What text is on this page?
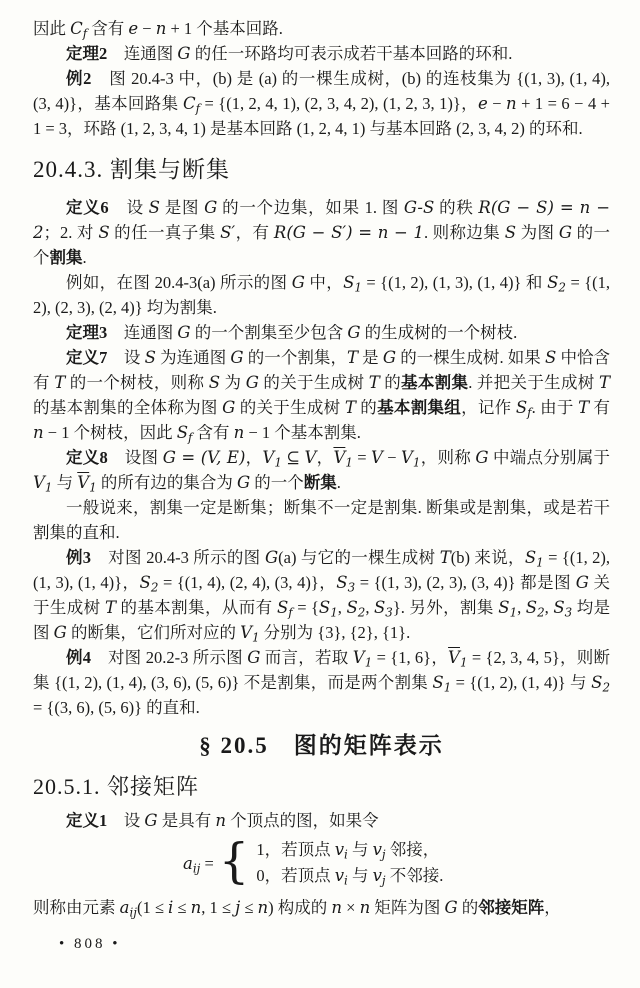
因此 $C_f$ 含有 e − n + 1 个基本回路.

定理2　连通图 G 的任一环路均可表示成若干基本回路的环和.

例2　图 20.4-3 中，(b) 是 (a) 的一棵生成树，(b) 的连枝集为 {(1, 3), (1, 4), (3, 4)}，基本回路集 $C_f = \{(1$, 2, 4, 1), (2, 3, 4, 2), (1, 2, 3, 1)}，e − n + 1 = 6 − 4 + 1 = 3，环路 (1, 2, 3, 4, 1) 是基本回路 (1, 2, 4, 1) 与基本回路 (2, 3, 4, 2) 的环和.

20.4.3. 割集与断集

定义6　设 S 是图 G 的一个边集，如果 1. 图 G-S 的秩 R(G − S) = n − 2；2. 对 S 的任一真子集 S′，有 R(G − S′) = n − 1. 则称边集 S 为图 G 的一个割集.

例如，在图 20.4-3(a) 所示的图 G 中，$S_1 = \{(1$, 2), (1, 3), (1, 4)} 和 $S_2 = \{(1$, 2), (2, 3), (2, 4)} 均为割集.

定理3　连通图 G 的一个割集至少包含 G 的生成树的一个树枝.

定义7　设 S 为连通图 G 的一个割集，T 是 G 的一棵生成树. 如果 S 中恰含有 T 的一个树枝，则称 S 为 G 的关于生成树 T 的基本割集. 并把关于生成树 T 的基本割集的全体称为图 G 的关于生成树 T 的基本割集组，记作 $S_f$. 由于 T 有 n − 1 个树枝，因此 $S_f$ 含有 n − 1 个基本割集.

定义8　设图 G = (V, E)，$V_1$ ⊆ V，$\overline{V}_1 = V - V_1$，则称 G 中端点分别属于 $V_1$ 与 $\overline{V}_1$ 的所有边的集合为 G 的一个断集.

一般说来，割集一定是断集；断集不一定是割集. 断集或是割集，或是若干割集的直和.

例3　对图 20.4-3 所示的图 G(a) 与它的一棵生成树 T(b) 来说，$S_1 = \{(1$, 2), (1, 3), (1, 4)}，$S_2 = \{(1$, 4), (2, 4), (3, 4)}，$S_3 = \{(1$, 3), (2, 3), (3, 4)} 都是图 G 关于生成树 T 的基本割集，从而有 $S_f = \{S_1$, $S_2$, $S_3$}. 另外，割集 $S_1$, $S_2$, $S_3$ 均是图 G 的断集，它们所对应的 $V_1$ 分别为 {3}, {2}, {1}.

例4　对图 20.2-3 所示图 G 而言，若取 $V_1 = \{1$, 6}，$\overline{V}_1 = \{2$, 3, 4, 5}，则断集 {(1, 2), (1, 4), (3, 6), (5, 6)} 不是割集，而是两个割集 $S_1 = \{(1$, 2), (1, 4)} 与 $S_2 = \{(3$, 6), (5, 6)} 的直和.

§ 20.5　图的矩阵表示
20.5.1. 邻接矩阵

定义1　设 G 是具有 n 个顶点的图，如果令

$a_{ij}$ = { 1，若顶点 $v_i$ 与 $v_j$ 邻接，
0，若顶点 $v_i$ 与 $v_j$ 不邻接.

则称由元素 $a_{ij}(1 \le i \le n$, 1 ≤ j ≤ n) 构成的 n × n 矩阵为图 G 的邻接矩阵，

• 808 •
